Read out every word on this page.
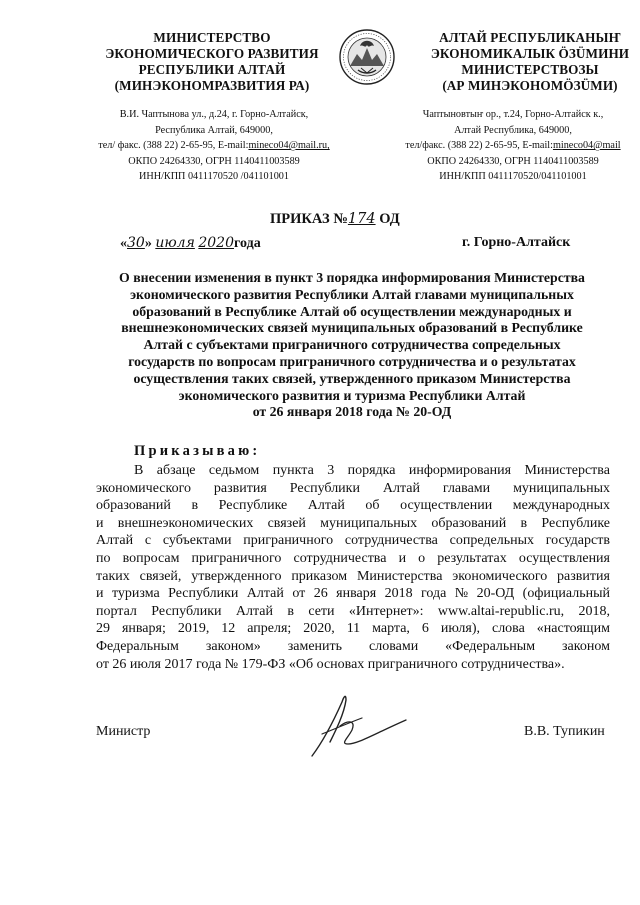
МИНИСТЕРСТВО
ЭКОНОМИЧЕСКОГО РАЗВИТИЯ
РЕСПУБЛИКИ АЛТАЙ
(МИНЭКОНОМРАЗВИТИЯ РА)
АЛТАЙ РЕСПУБЛИКАНЫҤ
ЭКОНОМИКАЛЫК ÖЗÜМИНИ
МИНИСТЕРСТВОЗЫ
(АР МИНЭКОНОМÖЗÜМИ)
В.И. Чаптынова ул., д.24, г. Горно-Алтайск,
Республика Алтай, 649000,
тел/ факс. (388 22) 2-65-95, E-mail:mineco04@mail.ru,
ОКПО 24264330, ОГРН 1140411003589
ИНН/КПП 0411170520 /041101001
Чаптыновтыҥ ор., т.24, Горно-Алтайск к.,
Алтай Республика, 649000,
тел/факс. (388 22) 2-65-95, E-mail:mineco04@mail
ОКПО 24264330, ОГРН 1140411003589
ИНН/КПП 0411170520/041101001
ПРИКАЗ №174 ОД
«30» июля 2020года	г. Горно-Алтайск
О внесении изменения в пункт 3 порядка информирования Министерства
экономического развития Республики Алтай главами муниципальных
образований в Республике Алтай об осуществлении международных и
внешнеэкономических связей муниципальных образований в Республике
Алтай с субъектами приграничного сотрудничества сопредельных
государств по вопросам приграничного сотрудничества и о результатах
осуществления таких связей, утвержденного приказом Министерства
экономического развития и туризма Республики Алтай
от 26 января 2018 года № 20-ОД
Приказываю:
В абзаце седьмом пункта 3 порядка информирования Министерства
экономического развития Республики Алтай главами муниципальных
образований в Республике Алтай об осуществлении международных
и внешнеэкономических связей муниципальных образований в Республике
Алтай с субъектами приграничного сотрудничества сопредельных государств
по вопросам приграничного сотрудничества и о результатах осуществления
таких связей, утвержденного приказом Министерства экономического развития
и туризма Республики Алтай от 26 января 2018 года № 20-ОД (официальный
портал Республики Алтай в сети «Интернет»: www.altai-republic.ru, 2018,
29 января; 2019, 12 апреля; 2020, 11 марта, 6 июля), слова «настоящим
Федеральным законом» заменить словами «Федеральным законом
от 26 июля 2017 года № 179-ФЗ «Об основах приграничного сотрудничества».
Министр	В.В. Тупикин
